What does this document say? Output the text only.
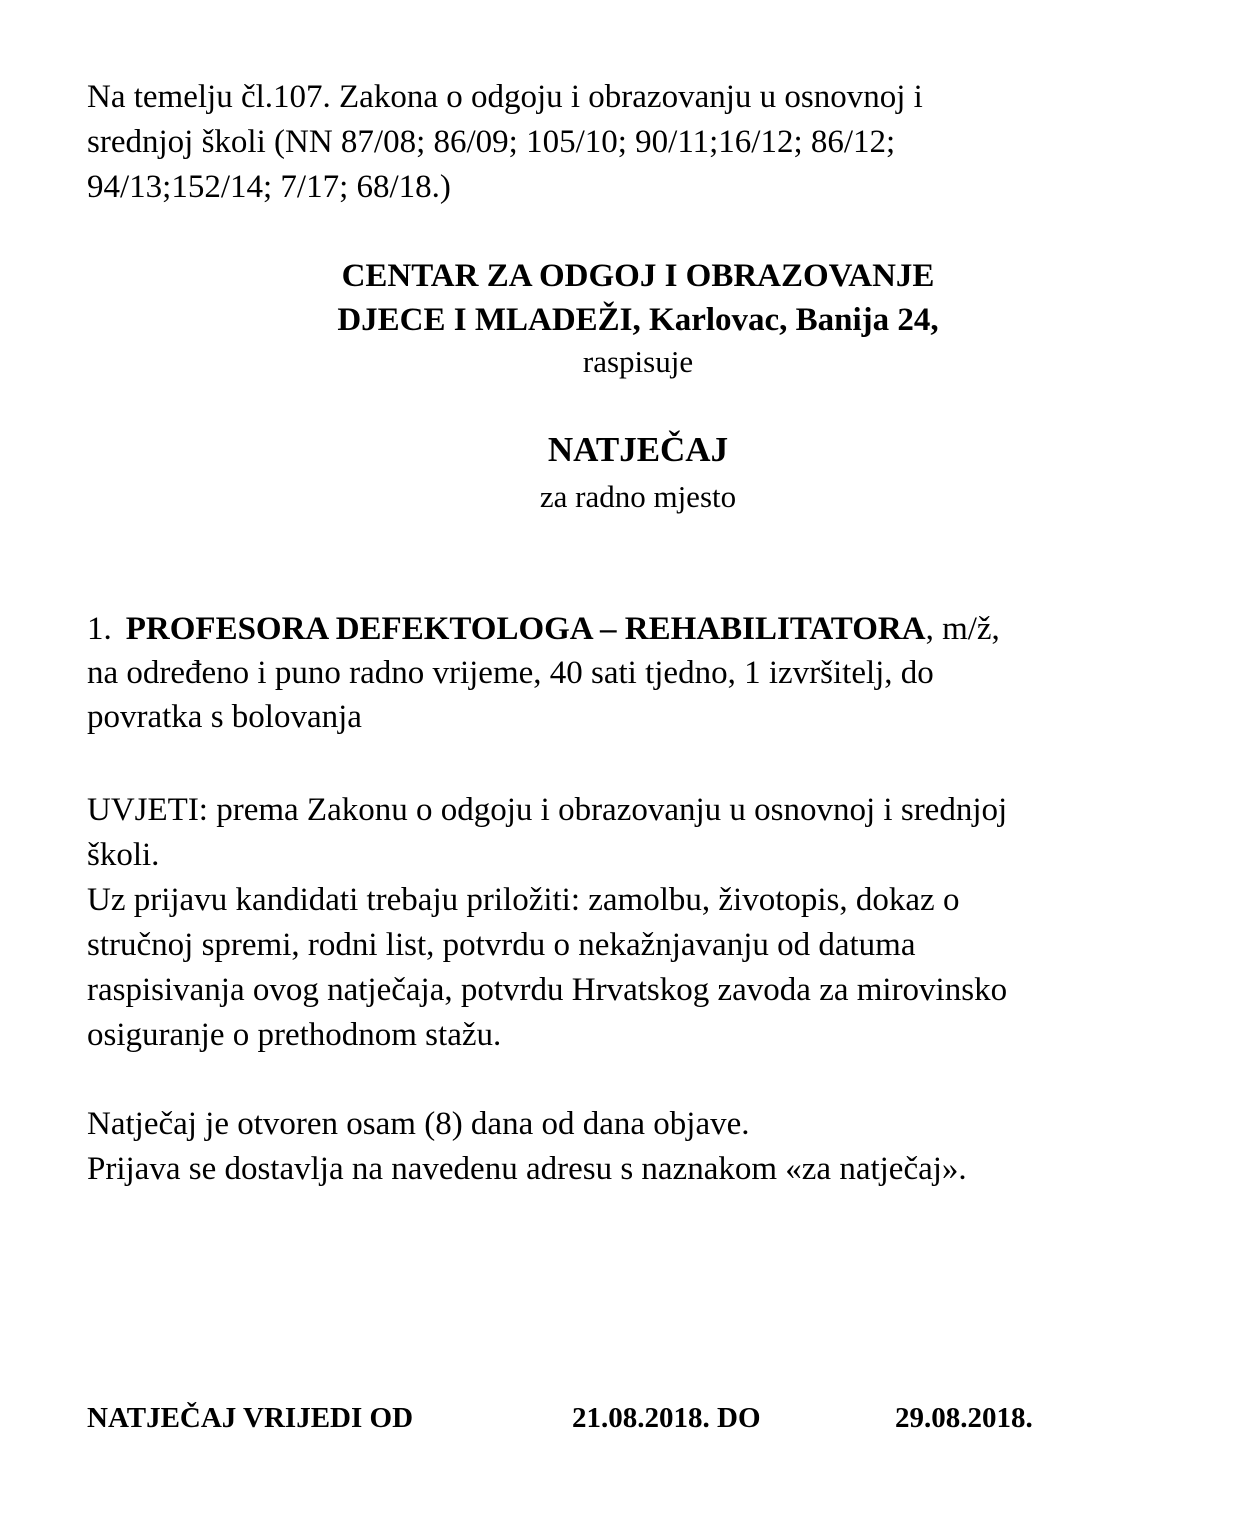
Na temelju čl.107. Zakona o odgoju i obrazovanju u osnovnoj i
srednjoj školi (NN 87/08; 86/09; 105/10; 90/11;16/12; 86/12;
94/13;152/14; 7/17; 68/18.)
CENTAR ZA ODGOJ I OBRAZOVANJE
DJECE I MLADEŽI, Karlovac, Banija 24,
raspisuje
NATJEČAJ
za radno mjesto
1. PROFESORA DEFEKTOLOGA – REHABILITATORA, m/ž,
na određeno i puno radno vrijeme, 40 sati tjedno, 1 izvršitelj, do
povratka s bolovanja

UVJETI: prema Zakonu o odgoju i obrazovanju u osnovnoj i srednjoj

školi.

Uz prijavu kandidati trebaju priložiti: zamolbu, životopis, dokaz o

stručnoj spremi, rodni list, potvrdu o nekažnjavanju od datuma

raspisivanja ovog natječaja, potvrdu Hrvatskog zavoda za mirovinsko

osiguranje o prethodnom stažu.

Natječaj je otvoren osam (8) dana od dana objave.

Prijava se dostavlja na navedenu adresu s naznakom «za natječaj».

NATJEČAJ VRIJEDI OD	21.08.2018. DO	29.08.2018.
